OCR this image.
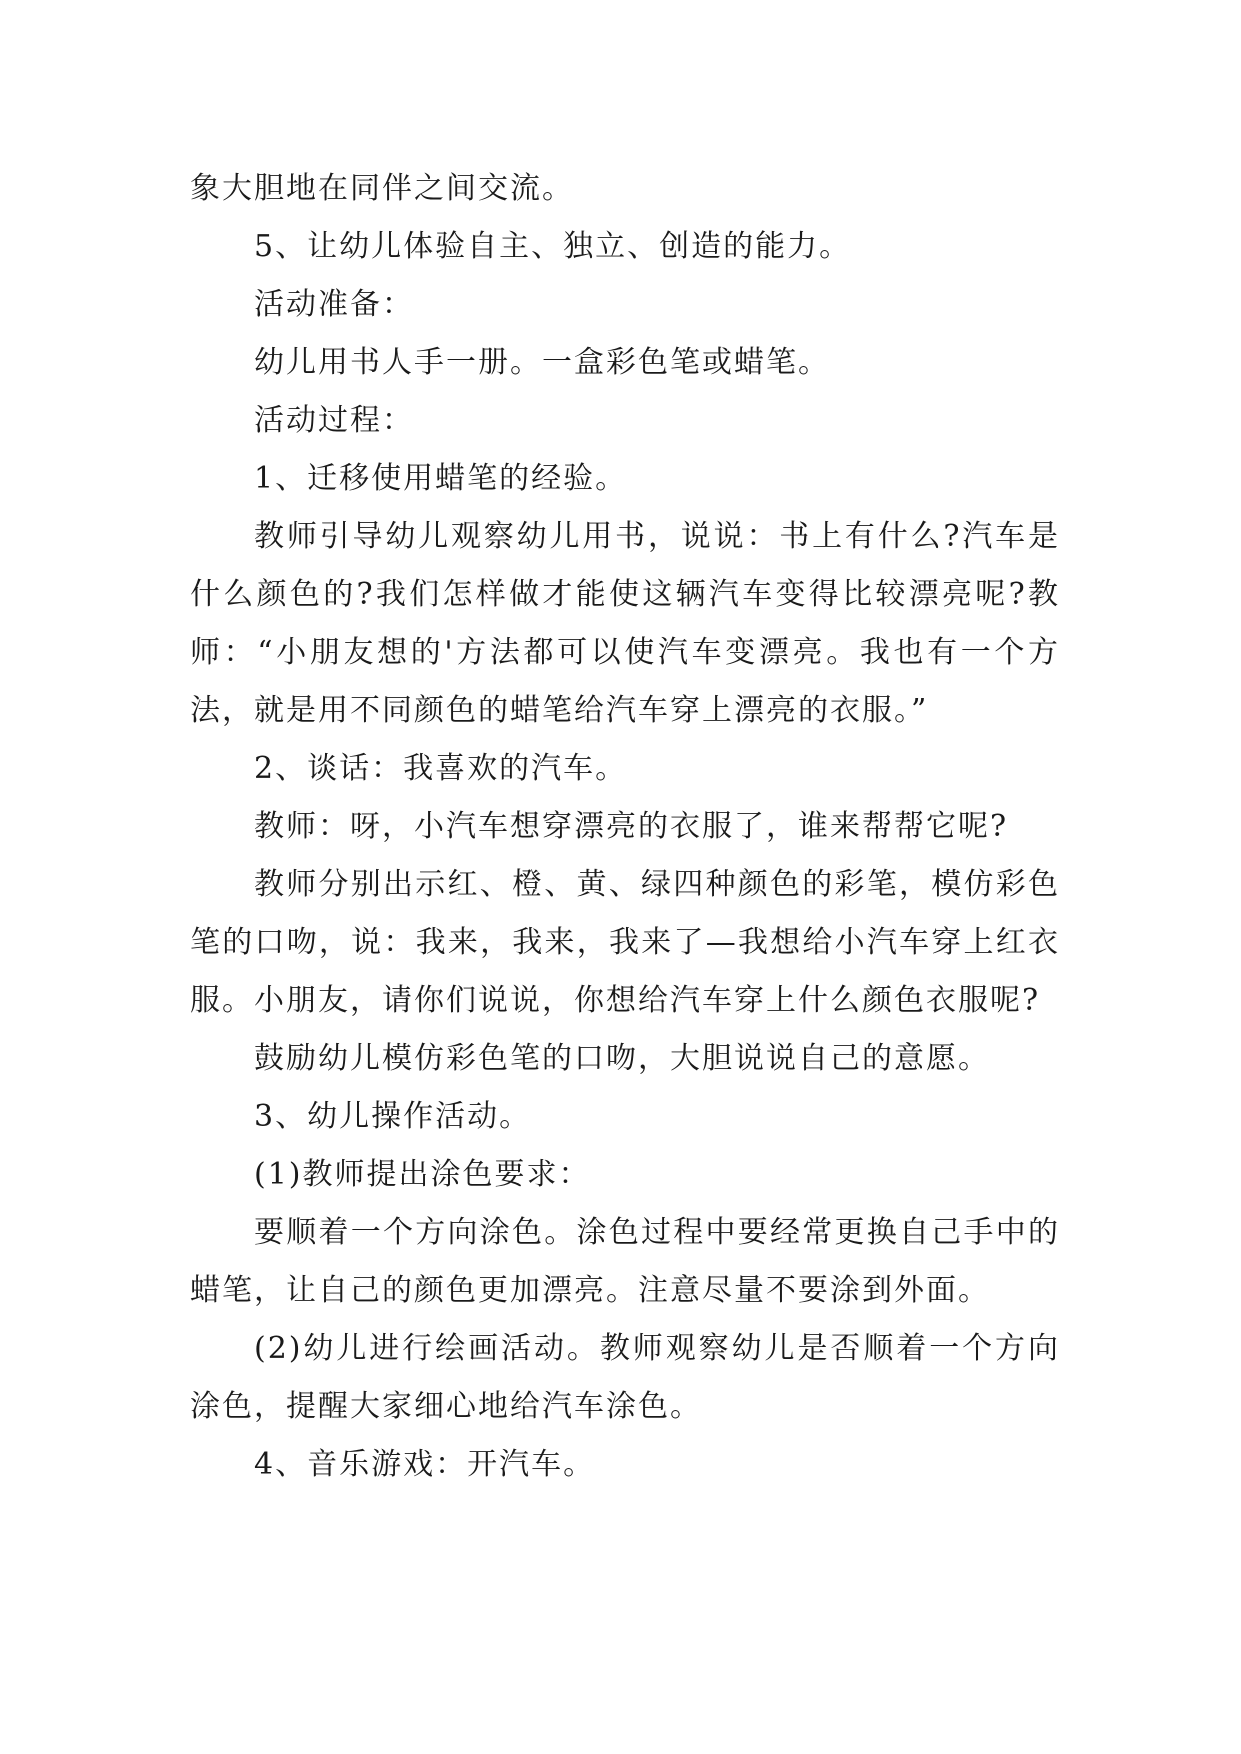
象大胆地在同伴之间交流。

5、让幼儿体验自主、独立、创造的能力。

活动准备：

幼儿用书人手一册。一盒彩色笔或蜡笔。

活动过程：

1、迁移使用蜡笔的经验。

教师引导幼儿观察幼儿用书，说说：书上有什么?汽车是什么颜色的?我们怎样做才能使这辆汽车变得比较漂亮呢?教师：“小朋友想的'方法都可以使汽车变漂亮。我也有一个方法，就是用不同颜色的蜡笔给汽车穿上漂亮的衣服。”

2、谈话：我喜欢的汽车。

教师：呀，小汽车想穿漂亮的衣服了，谁来帮帮它呢?

教师分别出示红、橙、黄、绿四种颜色的彩笔，模仿彩色笔的口吻，说：我来，我来，我来了—我想给小汽车穿上红衣服。小朋友，请你们说说，你想给汽车穿上什么颜色衣服呢?

鼓励幼儿模仿彩色笔的口吻，大胆说说自己的意愿。

3、幼儿操作活动。

(1)教师提出涂色要求：

要顺着一个方向涂色。涂色过程中要经常更换自己手中的蜡笔，让自己的颜色更加漂亮。注意尽量不要涂到外面。

(2)幼儿进行绘画活动。教师观察幼儿是否顺着一个方向涂色，提醒大家细心地给汽车涂色。

4、音乐游戏：开汽车。
